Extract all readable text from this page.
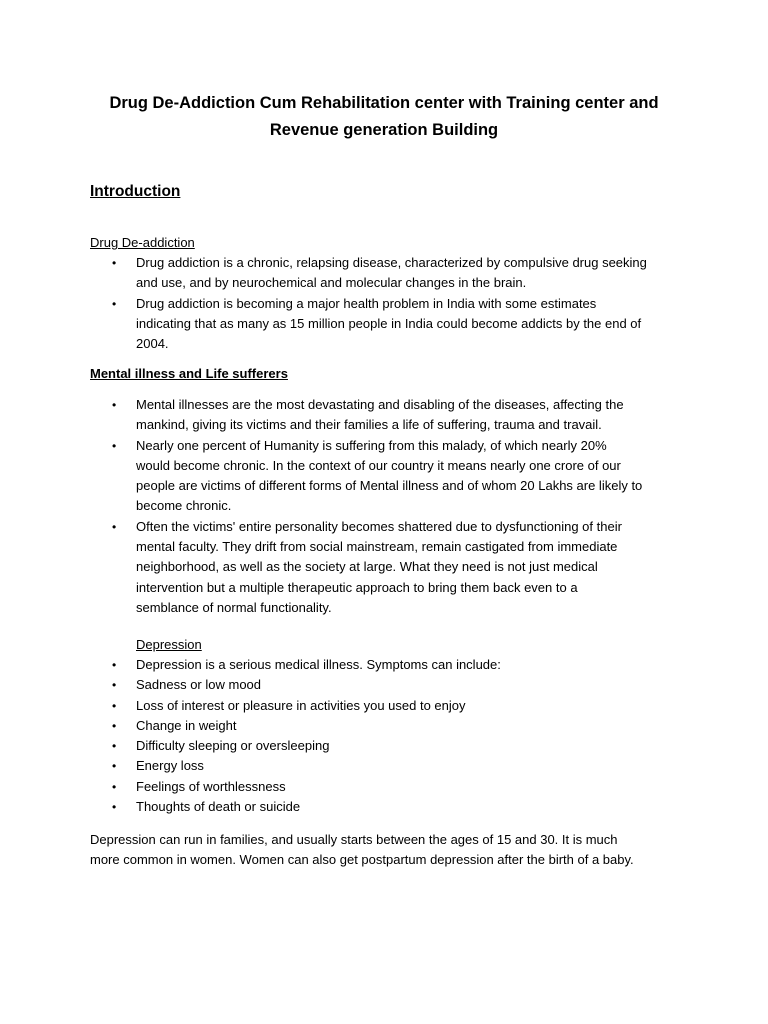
Drug De-Addiction Cum Rehabilitation center with Training center and
Revenue generation Building
Introduction
Drug De-addiction
• Drug addiction is a chronic, relapsing disease, characterized by compulsive drug seeking
and use, and by neurochemical and molecular changes in the brain.
• Drug addiction is becoming a major health problem in India with some estimates
indicating that as many as 15 million people in India could become addicts by the end of
2004.
Mental illness and Life sufferers
• Mental illnesses are the most devastating and disabling of the diseases, affecting the
mankind, giving its victims and their families a life of suffering, trauma and travail.
• Nearly one percent of Humanity is suffering from this malady, of which nearly 20%
would become chronic. In the context of our country it means nearly one crore of our
people are victims of different forms of Mental illness and of whom 20 Lakhs are likely to
become chronic.
• Often the victims' entire personality becomes shattered due to dysfunctioning of their
mental faculty. They drift from social mainstream, remain castigated from immediate
neighborhood, as well as the society at large. What they need is not just medical
intervention but a multiple therapeutic approach to bring them back even to a
semblance of normal functionality.
Depression
• Depression is a serious medical illness. Symptoms can include:
• Sadness or low mood
• Loss of interest or pleasure in activities you used to enjoy
• Change in weight
• Difficulty sleeping or oversleeping
• Energy loss
• Feelings of worthlessness
• Thoughts of death or suicide
Depression can run in families, and usually starts between the ages of 15 and 30. It is much
more common in women. Women can also get postpartum depression after the birth of a baby.
